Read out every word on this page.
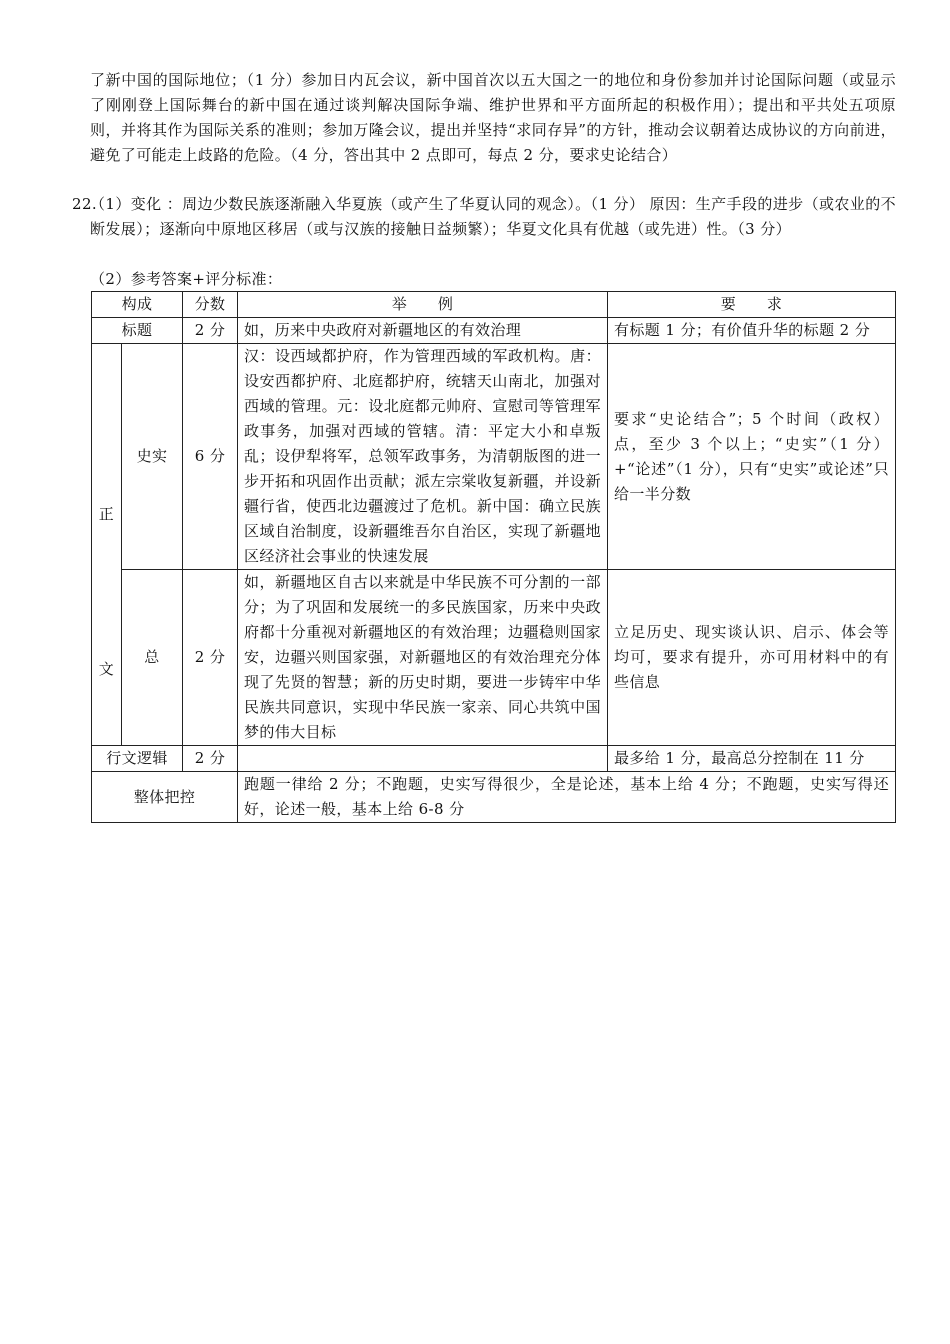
了新中国的国际地位；（1 分）参加日内瓦会议，新中国首次以五大国之一的地位和身份参加并讨论国际问题（或显示了刚刚登上国际舞台的新中国在通过谈判解决国际争端、维护世界和平方面所起的积极作用）；提出和平共处五项原则，并将其作为国际关系的准则；参加万隆会议，提出并坚持“求同存异”的方针，推动会议朝着达成协议的方向前进，避免了可能走上歧路的危险。（4 分，答出其中 2 点即可，每点 2 分，要求史论结合）
22.
（1）变化 ：周边少数民族逐渐融入华夏族（或产生了华夏认同的观念）。（1 分） 原因：生产手段的进步（或农业的不断发展）；逐渐向中原地区移居（或与汉族的接触日益频繁）；华夏文化具有优越（或先进）性。（3 分）
（2）参考答案+评分标准：
构成		分数	举　　例	要　　求
标题		2 分	如，历来中央政府对新疆地区的有效治理	有标题 1 分；有价值升华的标题 2 分

正
文	史实	6 分	汉：设西域都护府，作为管理西域的军政机构。唐：设安西都护府、北庭都护府，统辖天山南北，加强对西域的管理。元：设北庭都元帅府、宣慰司等管理军政事务，加强对西域的管辖。清：平定大小和卓叛乱；设伊犁将军，总领军政事务，为清朝版图的进一步开拓和巩固作出贡献；派左宗棠收复新疆，并设新疆行省，使西北边疆渡过了危机。新中国：确立民族区域自治制度，设新疆维吾尔自治区，实现了新疆地区经济社会事业的快速发展	要求“史论结合”；5 个时间（政权）点，至少 3 个以上；“史实”（1 分）+“论述”（1 分），只有“史实”或论述”只给一半分数
	总	2 分	如，新疆地区自古以来就是中华民族不可分割的一部分；为了巩固和发展统一的多民族国家，历来中央政府都十分重视对新疆地区的有效治理；边疆稳则国家安，边疆兴则国家强，对新疆地区的有效治理充分体现了先贤的智慧；新的历史时期，要进一步铸牢中华民族共同意识，实现中华民族一家亲、同心共筑中国梦的伟大目标	立足历史、现实谈认识、启示、体会等均可，要求有提升，亦可用材料中的有些信息
行文逻辑		2 分		最多给 1 分，最高总分控制在 11 分
整体把控			跑题一律给 2 分；不跑题，史实写得很少，全是论述，基本上给 4 分；不跑题，史实写得还好，论述一般，基本上给 6-8 分	
